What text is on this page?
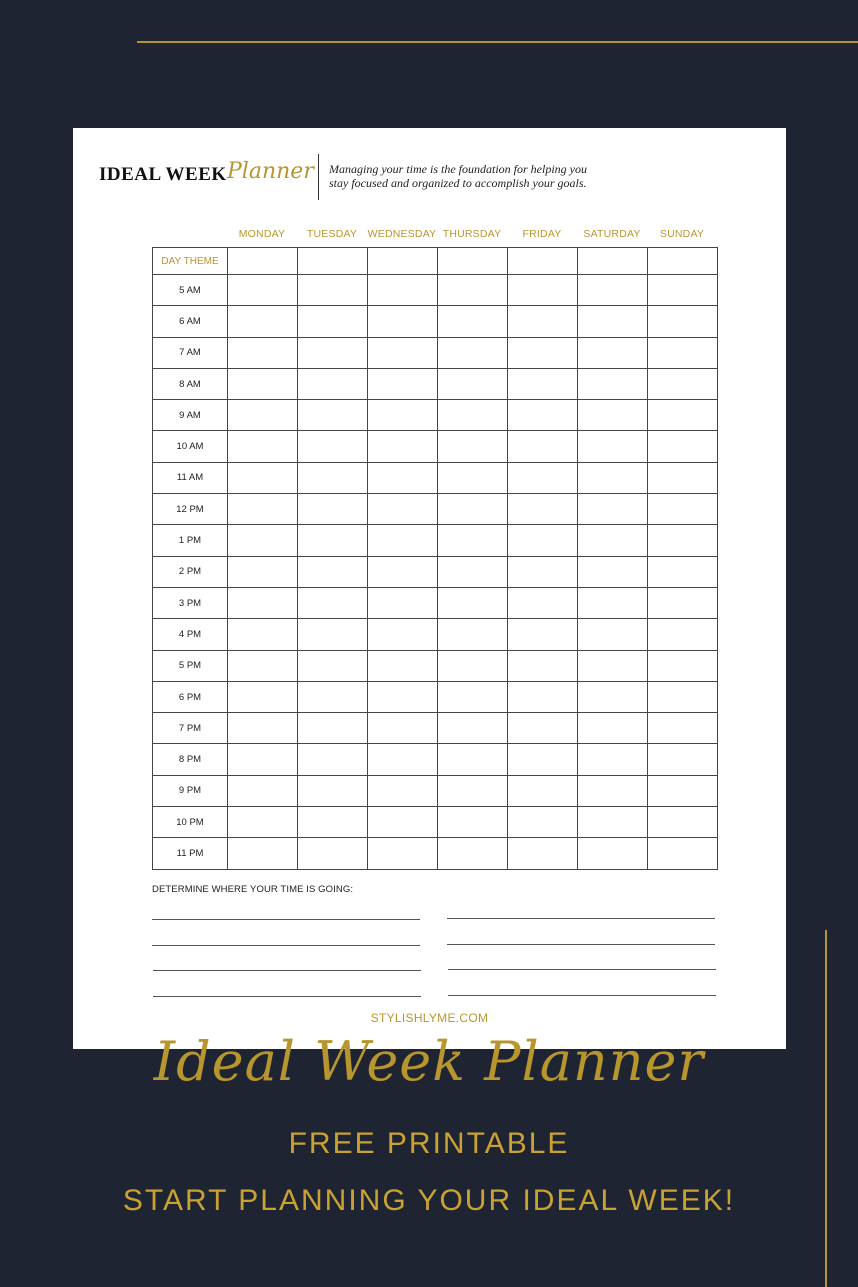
IDEAL WEEK Planner Managing your time is the foundation for helping you
stay focused and organized to accomplish your goals.
MONDAY	TUESDAY	WEDNESDAY THURSDAY	FRIDAY	SATURDAY	SUNDAY
DAY THEME							
5 AM							
6 AM							
7 AM							
8 AM							
9 AM							
10 AM							
11 AM							
12 PM							
1 PM							
2 PM							
3 PM							
4 PM							
5 PM							
6 PM							
7 PM							
8 PM							
9 PM							
10 PM							
11 PM							
DETERMINE WHERE YOUR TIME IS GOING:
STYLISHLYME.COM
Ideal Week Planner
FREE PRINTABLE
START PLANNING YOUR IDEAL WEEK!
